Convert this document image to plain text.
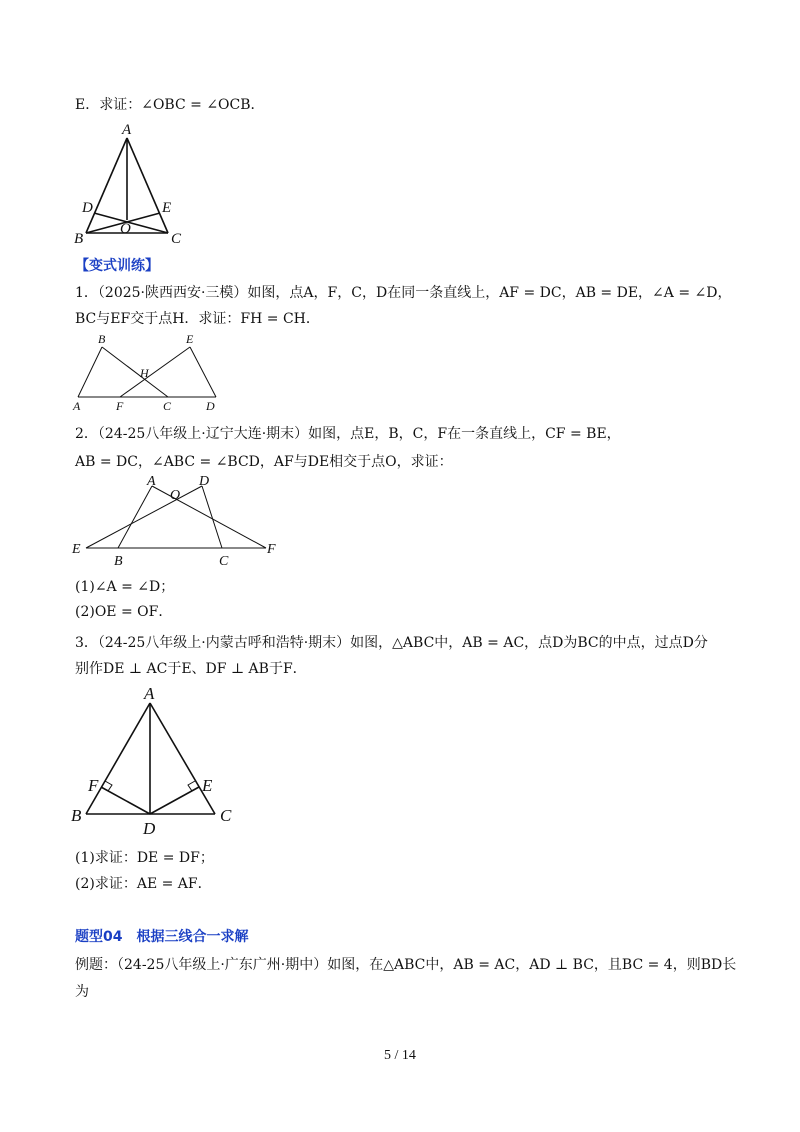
E．求证：∠OBC = ∠OCB．
A
B	C
D	E
O
【变式训练】
1．（2025·陕西西安·三模）如图，点A，F，C，D在同一条直线上，AF = DC，AB = DE，∠A = ∠D，
BC与EF交于点H．求证：FH = CH．
B	E
H
A	F	C	D
2．（24-25八年级上·辽宁大连·期末）如图，点E，B，C，F在一条直线上，CF = BE，
AB = DC，∠ABC = ∠BCD，AF与DE相交于点O，求证：
A
O
D
E
B	C
F
(1)∠A = ∠D；
(2)OE = OF．
3．（24-25八年级上·内蒙古呼和浩特·期末）如图，△ABC中，AB = AC，点D为BC的中点，过点D分
别作DE ⊥ AC于E、DF ⊥ AB于F．
A
B	C
D
F	E
(1)求证：DE = DF；
(2)求证：AE = AF．
题型04　根据三线合一求解
例题：（24-25八年级上·广东广州·期中）如图，在△ABC中，AB = AC，AD ⊥ BC，且BC = 4，则BD长
为
5 / 14
